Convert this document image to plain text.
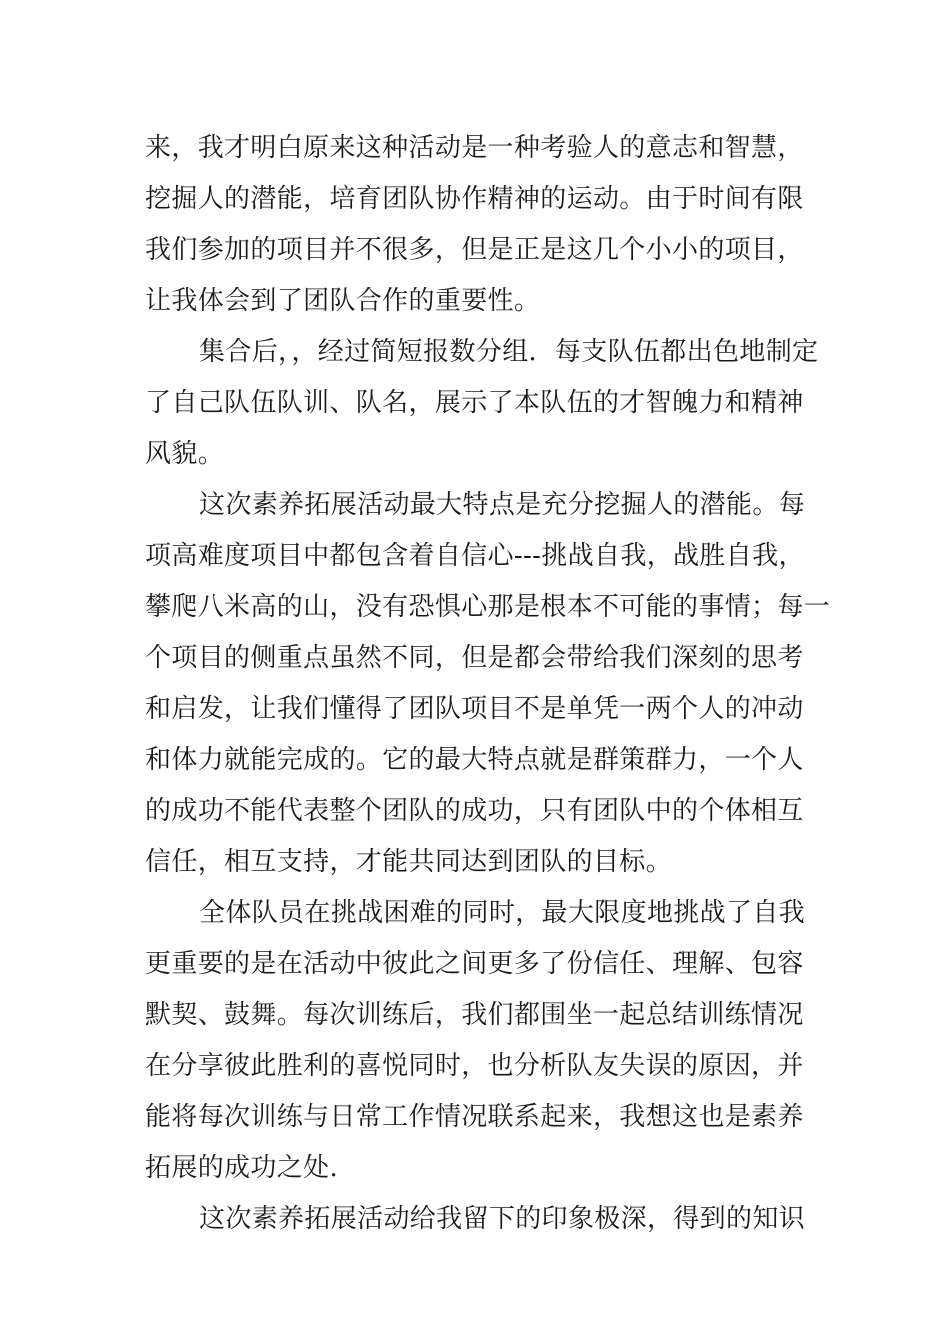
来，我才明白原来这种活动是一种考验人的意志和智慧，
挖掘人的潜能，培育团队协作精神的运动。由于时间有限
我们参加的项目并不很多，但是正是这几个小小的项目，
让我体会到了团队合作的重要性。
集合后，，经过简短报数分组．每支队伍都出色地制定
了自己队伍队训、队名，展示了本队伍的才智魄力和精神
风貌。
这次素养拓展活动最大特点是充分挖掘人的潜能。每
项高难度项目中都包含着自信心---挑战自我，战胜自我，
攀爬八米高的山，没有恐惧心那是根本不可能的事情；每一
个项目的侧重点虽然不同，但是都会带给我们深刻的思考
和启发，让我们懂得了团队项目不是单凭一两个人的冲动
和体力就能完成的。它的最大特点就是群策群力，一个人
的成功不能代表整个团队的成功，只有团队中的个体相互
信任，相互支持，才能共同达到团队的目标。
全体队员在挑战困难的同时，最大限度地挑战了自我
更重要的是在活动中彼此之间更多了份信任、理解、包容
默契、鼓舞。每次训练后，我们都围坐一起总结训练情况
在分享彼此胜利的喜悦同时，也分析队友失误的原因，并
能将每次训练与日常工作情况联系起来，我想这也是素养
拓展的成功之处.
这次素养拓展活动给我留下的印象极深，得到的知识
